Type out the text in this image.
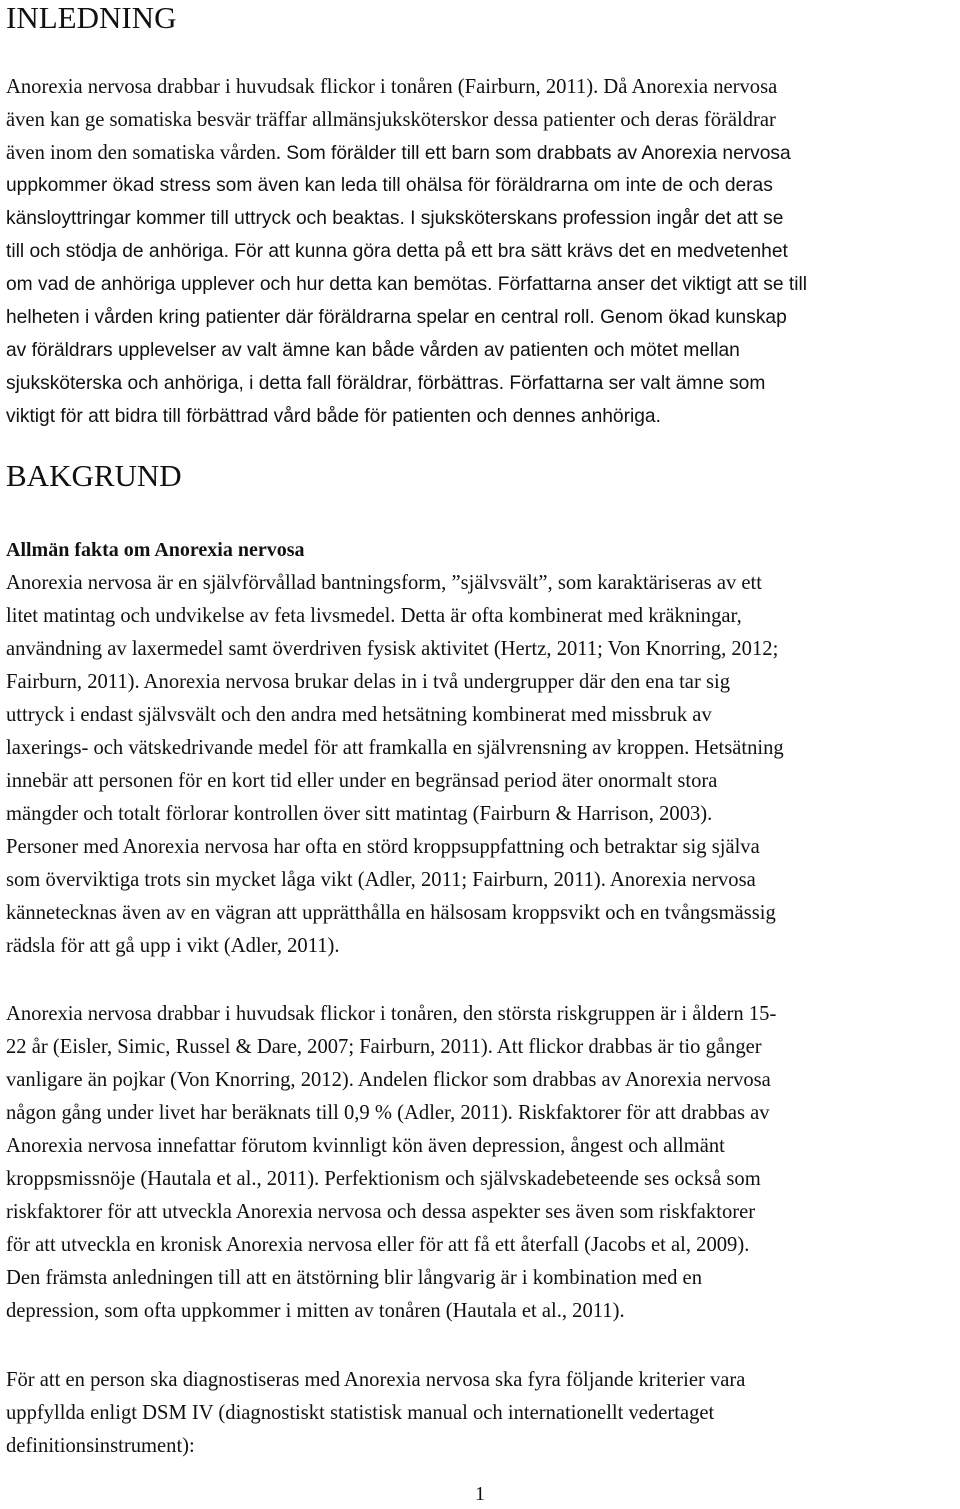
INLEDNING

Anorexia nervosa drabbar i huvudsak flickor i tonåren (Fairburn, 2011). Då Anorexia nervosa

även kan ge somatiska besvär träffar allmänsjuksköterskor dessa patienter och deras föräldrar

även inom den somatiska vården. Som förälder till ett barn som drabbats av Anorexia nervosa

uppkommer ökad stress som även kan leda till ohälsa för föräldrarna om inte de och deras

känsloyttringar kommer till uttryck och beaktas. I sjuksköterskans profession ingår det att se

till och stödja de anhöriga. För att kunna göra detta på ett bra sätt krävs det en medvetenhet

om vad de anhöriga upplever och hur detta kan bemötas. Författarna anser det viktigt att se till

helheten i vården kring patienter där föräldrarna spelar en central roll. Genom ökad kunskap

av föräldrars upplevelser av valt ämne kan både vården av patienten och mötet mellan

sjuksköterska och anhöriga, i detta fall föräldrar, förbättras. Författarna ser valt ämne som

viktigt för att bidra till förbättrad vård både för patienten och dennes anhöriga.

BAKGRUND
Allmän fakta om Anorexia nervosa

Anorexia nervosa är en självförvållad bantningsform, ”självsvält”, som karaktäriseras av ett

litet matintag och undvikelse av feta livsmedel. Detta är ofta kombinerat med kräkningar,

användning av laxermedel samt överdriven fysisk aktivitet (Hertz, 2011; Von Knorring, 2012;

Fairburn, 2011). Anorexia nervosa brukar delas in i två undergrupper där den ena tar sig

uttryck i endast självsvält och den andra med hetsätning kombinerat med missbruk av

laxerings- och vätskedrivande medel för att framkalla en självrensning av kroppen. Hetsätning

innebär att personen för en kort tid eller under en begränsad period äter onormalt stora

mängder och totalt förlorar kontrollen över sitt matintag (Fairburn & Harrison, 2003).

Personer med Anorexia nervosa har ofta en störd kroppsuppfattning och betraktar sig själva

som överviktiga trots sin mycket låga vikt (Adler, 2011; Fairburn, 2011). Anorexia nervosa

kännetecknas även av en vägran att upprätthålla en hälsosam kroppsvikt och en tvångsmässig

rädsla för att gå upp i vikt (Adler, 2011).

Anorexia nervosa drabbar i huvudsak flickor i tonåren, den största riskgruppen är i åldern 15-

22 år (Eisler, Simic, Russel & Dare, 2007; Fairburn, 2011). Att flickor drabbas är tio gånger

vanligare än pojkar (Von Knorring, 2012). Andelen flickor som drabbas av Anorexia nervosa

någon gång under livet har beräknats till 0,9 % (Adler, 2011). Riskfaktorer för att drabbas av

Anorexia nervosa innefattar förutom kvinnligt kön även depression, ångest och allmänt

kroppsmissnöje (Hautala et al., 2011). Perfektionism och självskadebeteende ses också som

riskfaktorer för att utveckla Anorexia nervosa och dessa aspekter ses även som riskfaktorer

för att utveckla en kronisk Anorexia nervosa eller för att få ett återfall (Jacobs et al, 2009).

Den främsta anledningen till att en ätstörning blir långvarig är i kombination med en

depression, som ofta uppkommer i mitten av tonåren (Hautala et al., 2011).

För att en person ska diagnostiseras med Anorexia nervosa ska fyra följande kriterier vara

uppfyllda enligt DSM IV (diagnostiskt statistisk manual och internationellt vedertaget

definitionsinstrument):

1
